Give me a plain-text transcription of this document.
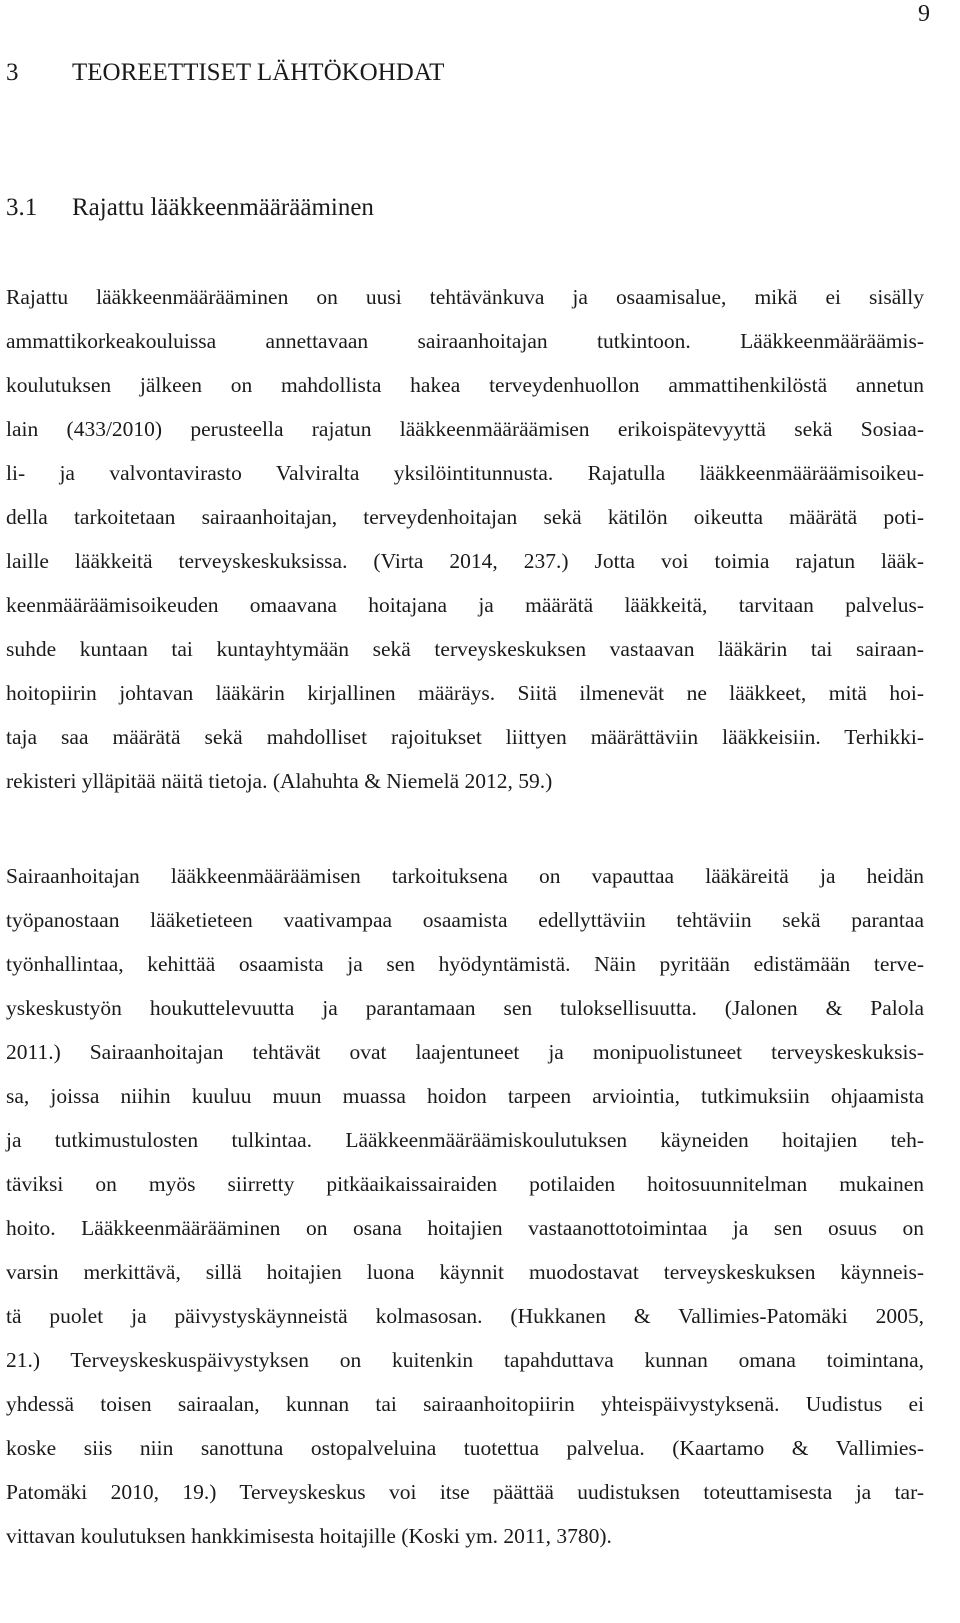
9
3 TEOREETTISET LÄHTÖKOHDAT
3.1 Rajattu lääkkeenmäärääminen
Rajattu lääkkeenmäärääminen on uusi tehtävänkuva ja osaamisalue, mikä ei sisälly
ammattikorkeakouluissa annettavaan sairaanhoitajan tutkintoon. Lääkkeenmääräämis-
koulutuksen jälkeen on mahdollista hakea terveydenhuollon ammattihenkilöstä annetun
lain (433/2010) perusteella rajatun lääkkeenmääräämisen erikoispätevyyttä sekä Sosiaa-
li- ja valvontavirasto Valviralta yksilöintitunnusta. Rajatulla lääkkeenmääräämisoikeu-
della tarkoitetaan sairaanhoitajan, terveydenhoitajan sekä kätilön oikeutta määrätä poti-
laille lääkkeitä terveyskeskuksissa. (Virta 2014, 237.) Jotta voi toimia rajatun lääk-
keenmääräämisoikeuden omaavana hoitajana ja määrätä lääkkeitä, tarvitaan palvelus-
suhde kuntaan tai kuntayhtymään sekä terveyskeskuksen vastaavan lääkärin tai sairaan-
hoitopiirin johtavan lääkärin kirjallinen määräys. Siitä ilmenevät ne lääkkeet, mitä hoi-
taja saa määrätä sekä mahdolliset rajoitukset liittyen määrättäviin lääkkeisiin. Terhikki-
rekisteri ylläpitää näitä tietoja. (Alahuhta & Niemelä 2012, 59.)
Sairaanhoitajan lääkkeenmääräämisen tarkoituksena on vapauttaa lääkäreitä ja heidän
työpanostaan lääketieteen vaativampaa osaamista edellyttäviin tehtäviin sekä parantaa
työnhallintaa, kehittää osaamista ja sen hyödyntämistä. Näin pyritään edistämään terve-
yskeskustyön houkuttelevuutta ja parantamaan sen tuloksellisuutta. (Jalonen & Palola
2011.) Sairaanhoitajan tehtävät ovat laajentuneet ja monipuolistuneet terveyskeskuksis-
sa, joissa niihin kuuluu muun muassa hoidon tarpeen arviointia, tutkimuksiin ohjaamista
ja tutkimustulosten tulkintaa. Lääkkeenmääräämiskoulutuksen käyneiden hoitajien teh-
täviksi on myös siirretty pitkäaikaissairaiden potilaiden hoitosuunnitelman mukainen
hoito. Lääkkeenmäärääminen on osana hoitajien vastaanottotoimintaa ja sen osuus on
varsin merkittävä, sillä hoitajien luona käynnit muodostavat terveyskeskuksen käynneis-
tä puolet ja päivystyskäynneistä kolmasosan. (Hukkanen & Vallimies-Patomäki 2005,
21.) Terveyskeskuspäivystyksen on kuitenkin tapahduttava kunnan omana toimintana,
yhdessä toisen sairaalan, kunnan tai sairaanhoitopiirin yhteispäivystyksenä. Uudistus ei
koske siis niin sanottuna ostopalveluina tuotettua palvelua. (Kaartamo & Vallimies-
Patomäki 2010, 19.) Terveyskeskus voi itse päättää uudistuksen toteuttamisesta ja tar-
vittavan koulutuksen hankkimisesta hoitajille (Koski ym. 2011, 3780).
